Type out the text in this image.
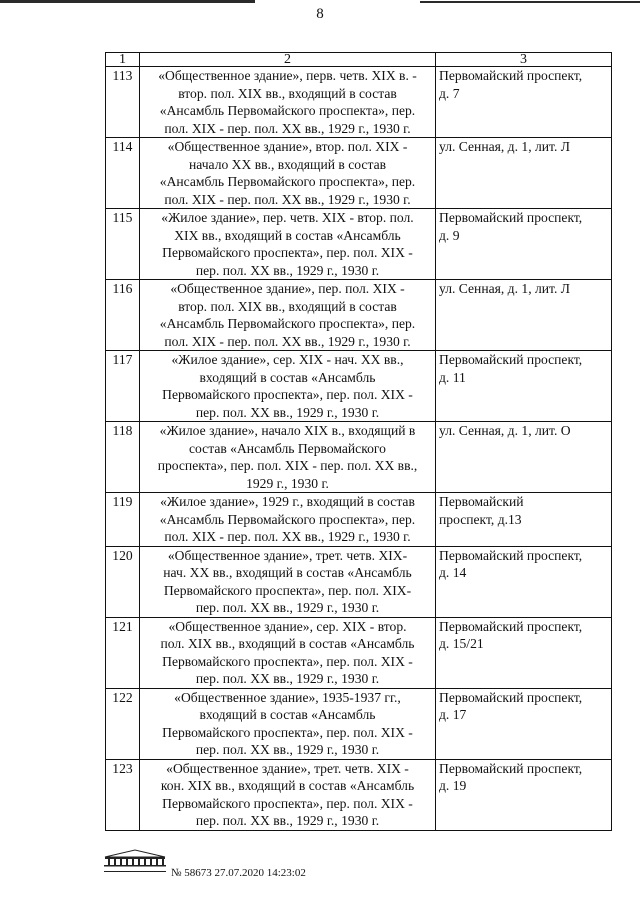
8
1	2	3
113	«Общественное здание», перв. четв. XIX в. -
втор. пол. XIX вв., входящий в состав
«Ансамбль Первомайского проспекта», пер.
пол. XIX - пер. пол. XX вв., 1929 г., 1930 г.	Первомайский проспект,
д. 7
114	«Общественное здание», втор. пол. XIX -
начало XX вв., входящий в состав
«Ансамбль Первомайского проспекта», пер.
пол. XIX - пер. пол. XX вв., 1929 г., 1930 г.	ул. Сенная, д. 1, лит. Л
115	«Жилое здание», пер. четв. XIX - втор. пол.
XIX вв., входящий в состав «Ансамбль
Первомайского проспекта», пер. пол. XIX -
пер. пол. XX вв., 1929 г., 1930 г.	Первомайский проспект,
д. 9
116	«Общественное здание», пер. пол. XIX -
втор. пол. XIX вв., входящий в состав
«Ансамбль Первомайского проспекта», пер.
пол. XIX - пер. пол. XX вв., 1929 г., 1930 г.	ул. Сенная, д. 1, лит. Л
117	«Жилое здание», сер. XIX - нач. XX вв.,
входящий в состав «Ансамбль
Первомайского проспекта», пер. пол. XIX -
пер. пол. XX вв., 1929 г., 1930 г.	Первомайский проспект,
д. 11
118	«Жилое здание», начало XIX в., входящий в
состав «Ансамбль Первомайского
проспекта», пер. пол. XIX - пер. пол. XX вв.,
1929 г., 1930 г.	ул. Сенная, д. 1, лит. О
119	«Жилое здание», 1929 г., входящий в состав
«Ансамбль Первомайского проспекта», пер.
пол. XIX - пер. пол. XX вв., 1929 г., 1930 г.	Первомайский
проспект, д.13
120	«Общественное здание», трет. четв. XIX-
нач. XX вв., входящий в состав «Ансамбль
Первомайского проспекта», пер. пол. XIX-
пер. пол. XX вв., 1929 г., 1930 г.	Первомайский проспект,
д. 14
121	«Общественное здание», сер. XIX - втор.
пол. XIX вв., входящий в состав «Ансамбль
Первомайского проспекта», пер. пол. XIX -
пер. пол. XX вв., 1929 г., 1930 г.	Первомайский проспект,
д. 15/21
122	«Общественное здание», 1935-1937 гг.,
входящий в состав «Ансамбль
Первомайского проспекта», пер. пол. XIX -
пер. пол. XX вв., 1929 г., 1930 г.	Первомайский проспект,
д. 17
123	«Общественное здание», трет. четв. XIX -
кон. XIX вв., входящий в состав «Ансамбль
Первомайского проспекта», пер. пол. XIX -
пер. пол. XX вв., 1929 г., 1930 г.	Первомайский проспект,
д. 19
№ 58673 27.07.2020 14:23:02
